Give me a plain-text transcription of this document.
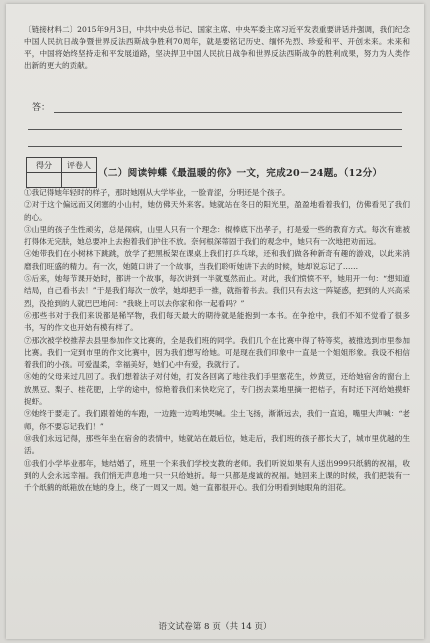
〔链接材料二〕2015年9月3日，中共中央总书记、国家主席、中央军委主席习近平发表重要讲话并强调，我们纪念中国人民抗日战争暨世界反法西斯战争胜利70周年，就是要铭记历史、缅怀先烈、珍爱和平、开创未来。未来和平，中国将始终坚持走和平发展道路，坚决捍卫中国人民抗日战争和世界反法西斯战争的胜利成果，努力为人类作出新的更大的贡献。

答：
得分	评卷人

（二）阅读钟蝶《最温暖的你》一文，完成20－24题。（12分）

①我记得她年轻时的样子，那时她刚从大学毕业，一脸青涩，分明还是个孩子。

②对于这个偏远而又闭塞的小山村，她仿佛天外来客。她就站在冬日的阳光里，盈盈地看着我们，仿佛看见了我们的心。

③山里的孩子生性顽劣，总是闹病，山里人只有一个理念：棍棒底下出孝子，打是爱一些的教育方式。每次有谁被打得体无完肤，她总要冲上去抱着我们护住不放。奈何根深蒂固于我们的观念中，她只有一次地把劝而远。

④她带我们在小树林下跳跳，放学了把黑板架在课桌上我们打乒乓球，还和我们做各种新奇有趣的游戏，以此来消磨我们旺盛的精力。有一次，她随口讲了一个故事，当我们聆听她讲下去的时候，她却说忘记了……

⑤后来，她每节课开始时，都讲一个故事，每次讲到一半就戛然而止。对此，我们愤愤不平，她用开一句：“想知道结局，自己看书去！”于是我们每次一放学，她却把手一推，就指着书去。我们只有去这一阵疑惑，把到的人兴高采烈，没抢到的人就巴巴地问：“我晓上可以去你家和你一起看吗？”

⑥那些书对于我们来说都是稀罕物，我们每天最大的期待就是能抱到一本书。在争抢中，我们不知不觉看了很多书，写的作文也开始有模有样了。

⑦那次被学校推荐去县里参加作文比赛的，全是我们班的同学。我们几个在比赛中得了特等奖，被推选到市里参加比赛。我们一定到市里的作文比赛中，因为我们想写给她。可是现在我们印象中一直是一个姐姐形象。我设不相信着我们的小孩。可爱温柔，幸福美好，她们心中有爱，我就行了。

⑧她的父母来过几回了。我们想着法子对付她，打发各回离了地往我们手里塞花生，炒黄豆，还给她宿舍的窗台上放黑豆、梨子、桂花肥，上学的途中，惊艳着我们来快吃完了，专门拐去菜地里摘一把桔子，有时还下河给她摸虾捉虾。

⑨她终于要走了。我们跟着她的车跑，一边跑一边鸣地哭喊。尘土飞扬，渐渐远去，我们一直追，嘴里大声喊：“老师，你不要忘记我们！”

⑩我们永远记得，那些年坐在宿舍的表情中，她就站在最后位，她走后，我们班的孩子都长大了，城市里优越的生活。

⑪我们小学毕业那年，她结婚了，班里一个来我们学校支教的老师。我们听说如果有人送出999只纸鹤的祝福，收到的人会永远幸福。我们悄无声息地一只一只给她折。每一只都是虔诚的祝福。她回来上课的时候，我们把装有一千个纸鹤的纸箱放在她的身上，绕了一周又一周。她一直都很开心。我们分明看到她眼角的泪花。

语文试卷第 8 页（共 14 页）
